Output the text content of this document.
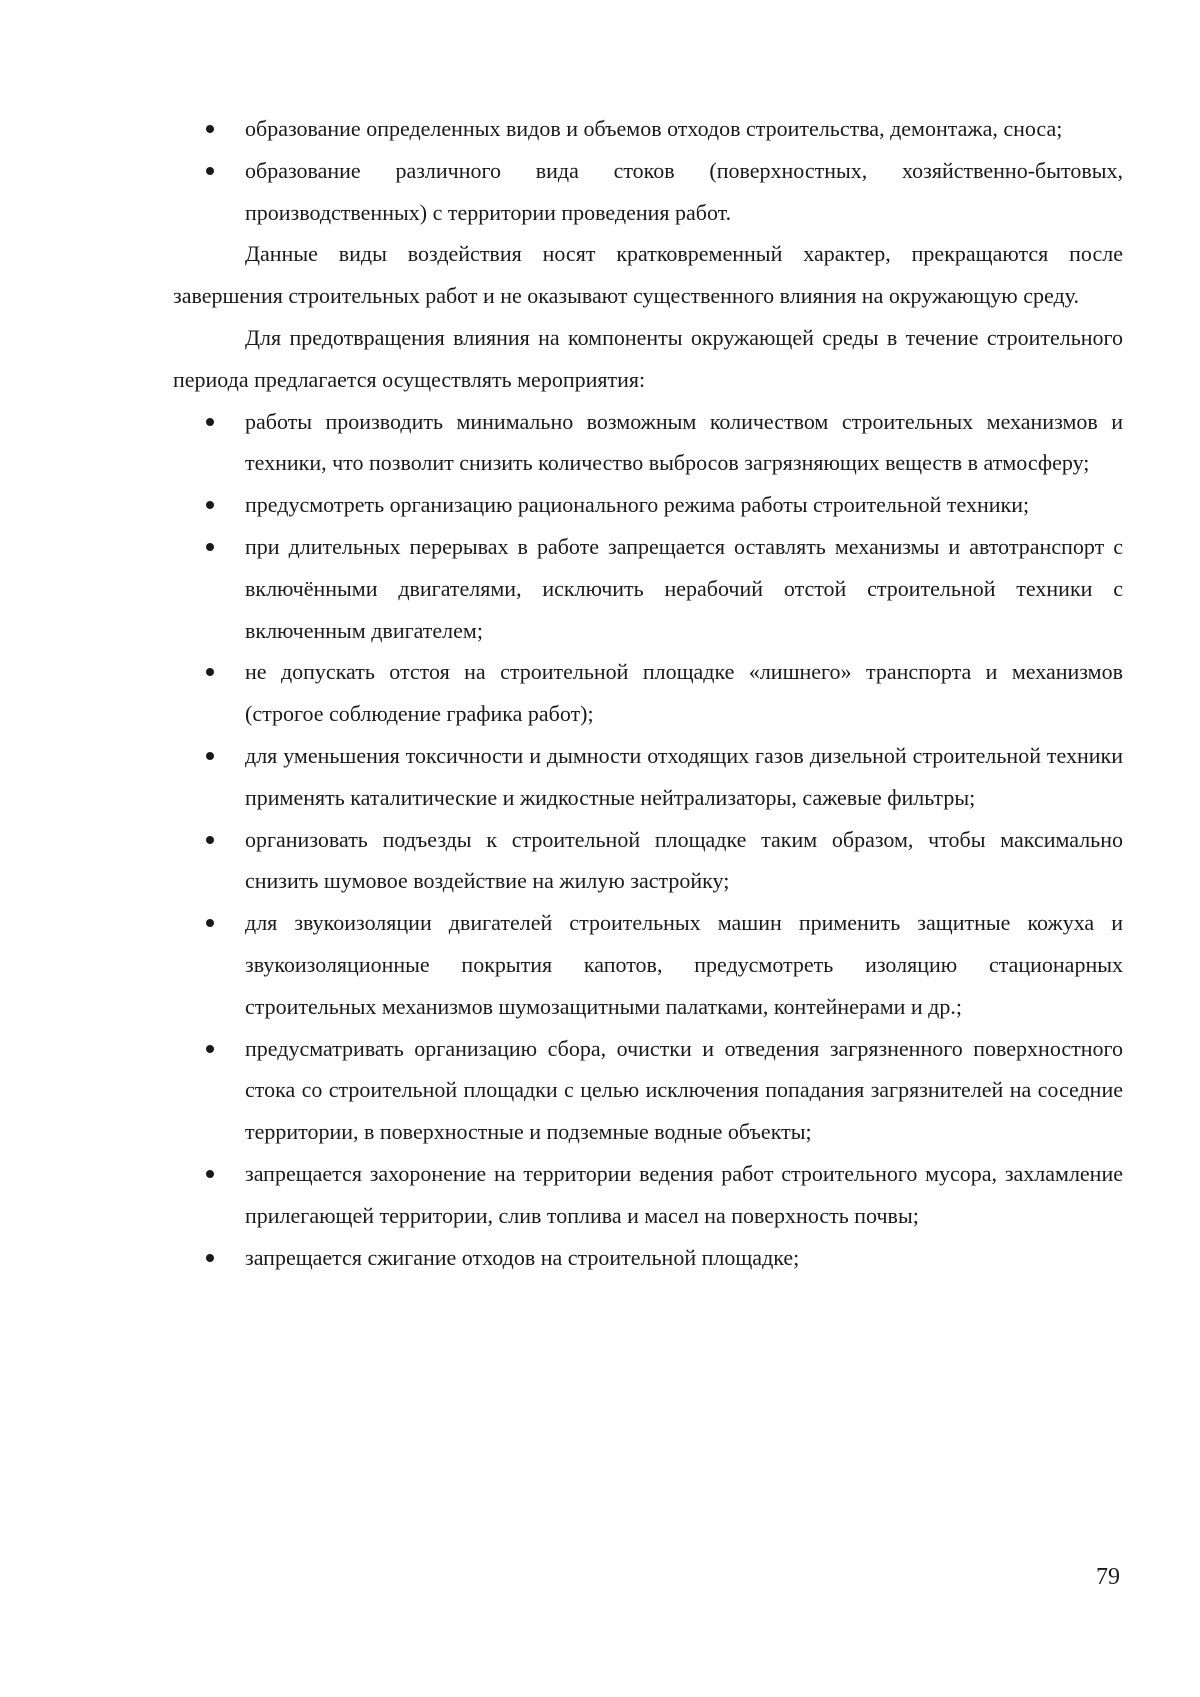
образование определенных видов и объемов отходов строительства, демонтажа, сноса;
образование различного вида стоков (поверхностных, хозяйственно-бытовых, производственных) с территории проведения работ.

Данные виды воздействия носят кратковременный характер, прекращаются после завершения строительных работ и не оказывают существенного влияния на окружающую среду.

Для предотвращения влияния на компоненты окружающей среды в течение строительного периода предлагается осуществлять мероприятия:

работы производить минимально возможным количеством строительных механизмов и техники, что позволит снизить количество выбросов загрязняющих веществ в атмосферу;
предусмотреть организацию рационального режима работы строительной техники;
при длительных перерывах в работе запрещается оставлять механизмы и автотранспорт с включёнными двигателями, исключить нерабочий отстой строительной техники с включенным двигателем;
не допускать отстоя на строительной площадке «лишнего» транспорта и механизмов (строгое соблюдение графика работ);
для уменьшения токсичности и дымности отходящих газов дизельной строительной техники применять каталитические и жидкостные нейтрализаторы, сажевые фильтры;
организовать подъезды к строительной площадке таким образом, чтобы максимально снизить шумовое воздействие на жилую застройку;
для звукоизоляции двигателей строительных машин применить защитные кожуха и звукоизоляционные покрытия капотов, предусмотреть изоляцию стационарных строительных механизмов шумозащитными палатками, контейнерами и др.;
предусматривать организацию сбора, очистки и отведения загрязненного поверхностного стока со строительной площадки с целью исключения попадания загрязнителей на соседние территории, в поверхностные и подземные водные объекты;
запрещается захоронение на территории ведения работ строительного мусора, захламление прилегающей территории, слив топлива и масел на поверхность почвы;
запрещается сжигание отходов на строительной площадке;
79
